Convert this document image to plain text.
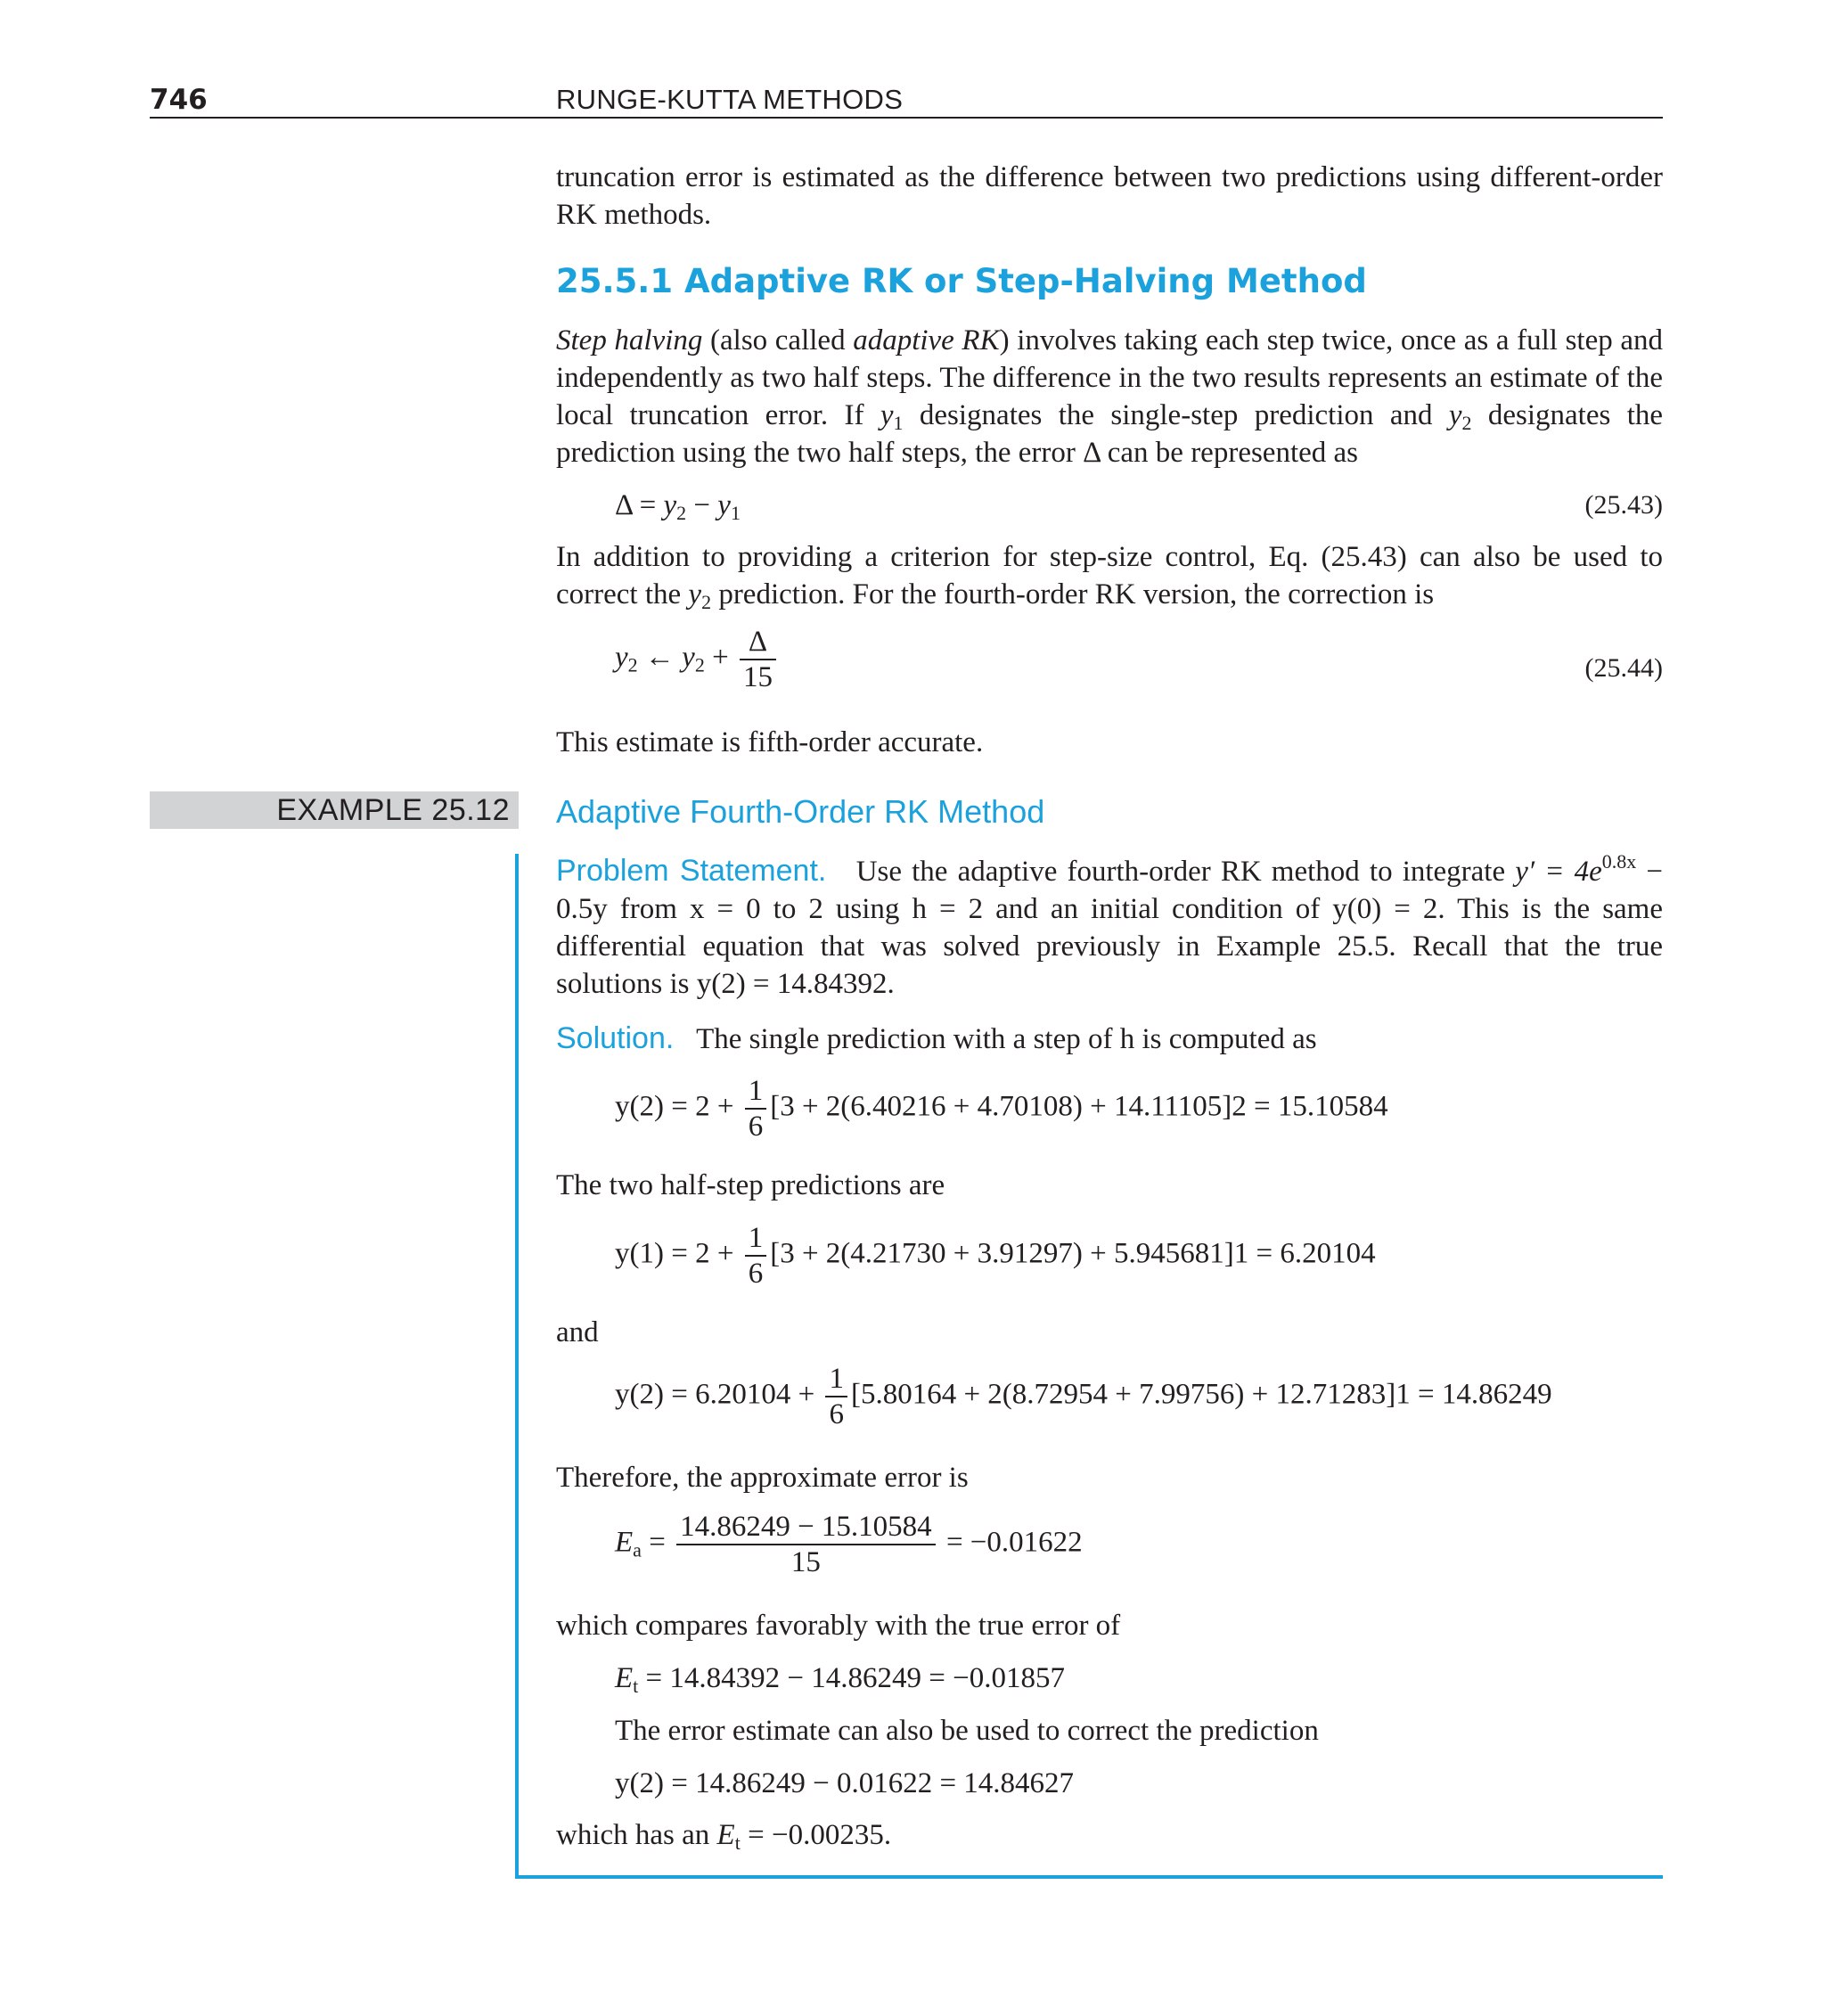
746	RUNGE-KUTTA METHODS
truncation error is estimated as the difference between two predictions using different-order RK methods.
25.5.1 Adaptive RK or Step-Halving Method
Step halving (also called adaptive RK) involves taking each step twice, once as a full step and independently as two half steps. The difference in the two results represents an estimate of the local truncation error. If $y_1$ designates the single-step prediction and $y_2$ designates the prediction using the two half steps, the error Δ can be represented as
$\Delta = y_2 - y_1$	(25.43)
In addition to providing a criterion for step-size control, Eq. (25.43) can also be used to correct the $y_2$ prediction. For the fourth-order RK version, the correction is
$y_2$ ← $y_2 + \frac{\Delta}{15}$	(25.44)
This estimate is fifth-order accurate.
EXAMPLE 25.12 Adaptive Fourth-Order RK Method
Problem Statement. Use the adaptive fourth-order RK method to integrate $y' = 4e^{0.8x} - 0.5y$ from x = 0 to 2 using h = 2 and an initial condition of y(0) = 2. This is the same differential equation that was solved previously in Example 25.5. Recall that the true solutions is y(2) = 14.84392.
Solution. The single prediction with a step of h is computed as
$y(2) = 2 + \frac{1}{6} [3 + 2(6.40216 + 4.70108) + 14.11105]2 = 15.10584$
The two half-step predictions are
$y(1) = 2 + \frac{1}{6} [3 + 2(4.21730 + 3.91297) + 5.945681]1 = 6.20104$
and
$y(2) = 6.20104 + \frac{1}{6} [5.80164 + 2(8.72954 + 7.99756) + 12.71283]1 = 14.86249$
Therefore, the approximate error is
$E_a = \frac{14.86249 - 15.10584}{15} = -0.01622$
which compares favorably with the true error of
$E_t = 14.84392 - 14.86249 = -0.01857$
The error estimate can also be used to correct the prediction
y(2) = 14.86249 − 0.01622 = 14.84627
which has an $E_t = -0.00235$.
